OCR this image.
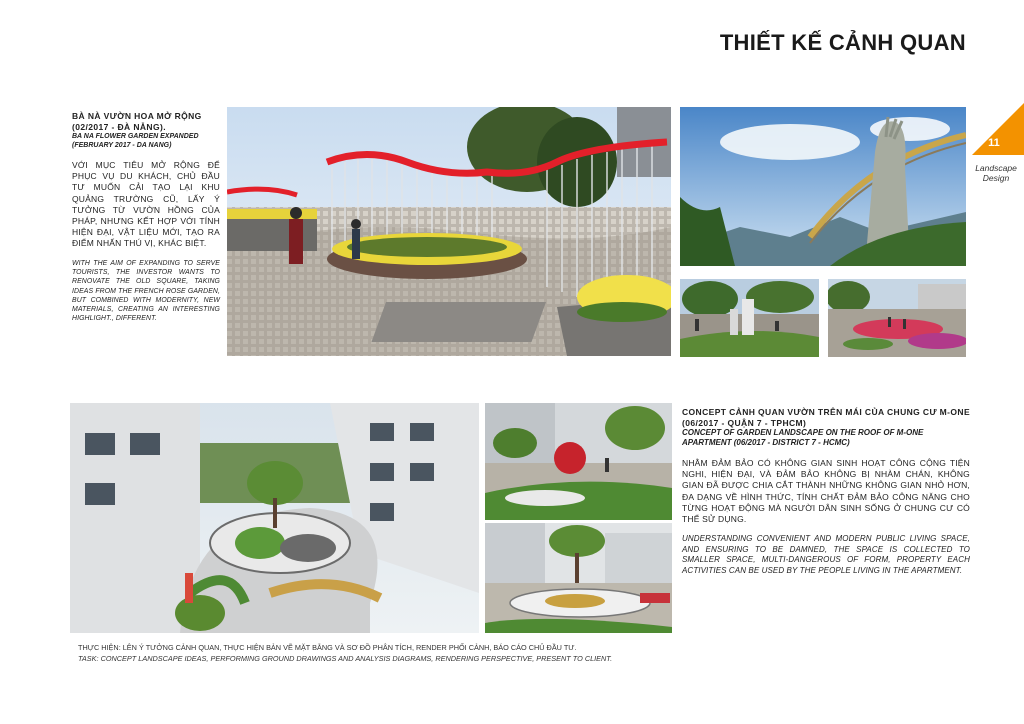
THIẾT KẾ CẢNH QUAN
11
Landscape Design
BÀ NÀ VƯỜN HOA MỞ RỘNG (02/2017 - ĐÀ NẴNG).
BA NA FLOWER GARDEN EXPANDED (FEBRUARY 2017 - DA NANG)
VỚI MỤC TIÊU MỞ RỘNG ĐỂ PHỤC VỤ DU KHÁCH, CHỦ ĐẦU TƯ MUỐN CẢI TẠO LẠI KHU QUẢNG TRƯỜNG CŨ, LẤY Ý TƯỞNG TỪ VƯỜN HỒNG CỦA PHÁP, NHƯNG KẾT HỢP VỚI TÍNH HIỆN ĐẠI, VẬT LIỆU MỚI, TẠO RA ĐIỂM NHẤN THÚ VỊ, KHÁC BIỆT.
WITH THE AIM OF EXPANDING TO SERVE TOURISTS, THE INVESTOR WANTS TO RENOVATE THE OLD SQUARE, TAKING IDEAS FROM THE FRENCH ROSE GARDEN, BUT COMBINED WITH MODERNITY, NEW MATERIALS, CREATING AN INTERESTING HIGHLIGHT., DIFFERENT.
CONCEPT CẢNH QUAN VƯỜN TRÊN MÁI CỦA CHUNG CƯ M-ONE (06/2017 - QUẬN 7 - TPHCM)
CONCEPT OF GARDEN LANDSCAPE ON THE ROOF OF M-ONE APARTMENT (06/2017 - DISTRICT 7 - HCMC)
NHẰM ĐẢM BẢO CÓ KHÔNG GIAN SINH HOẠT CÔNG CỘNG TIỆN NGHI, HIỆN ĐẠI, VÀ ĐẢM BẢO KHÔNG BỊ NHÀM CHÁN, KHÔNG GIAN ĐÃ ĐƯỢC CHIA CẮT THÀNH NHỮNG KHÔNG GIAN NHỎ HƠN, ĐA DẠNG VỀ HÌNH THỨC, TÍNH CHẤT ĐẢM BẢO CÔNG NĂNG CHO TỪNG HOẠT ĐỘNG MÀ NGƯỜI DÂN SINH SỐNG Ở CHUNG CƯ CÓ THỂ SỬ DỤNG.
UNDERSTANDING CONVENIENT AND MODERN PUBLIC LIVING SPACE, AND ENSURING TO BE DAMNED, THE SPACE IS COLLECTED TO SMALLER SPACE, MULTI-DANGEROUS OF FORM, PROPERTY EACH ACTIVITIES CAN BE USED BY THE PEOPLE LIVING IN THE APARTMENT.
THỰC HIỆN: LÊN Ý TƯỞNG CẢNH QUAN, THỰC HIỆN BẢN VẼ MẶT BẰNG VÀ SƠ ĐỒ PHÂN TÍCH, RENDER PHỐI CẢNH, BÁO CÁO CHỦ ĐẦU TƯ.
TASK: CONCEPT LANDSCAPE IDEAS, PERFORMING GROUND DRAWINGS AND ANALYSIS DIAGRAMS, RENDERING PERSPECTIVE, PRESENT TO CLIENT.
